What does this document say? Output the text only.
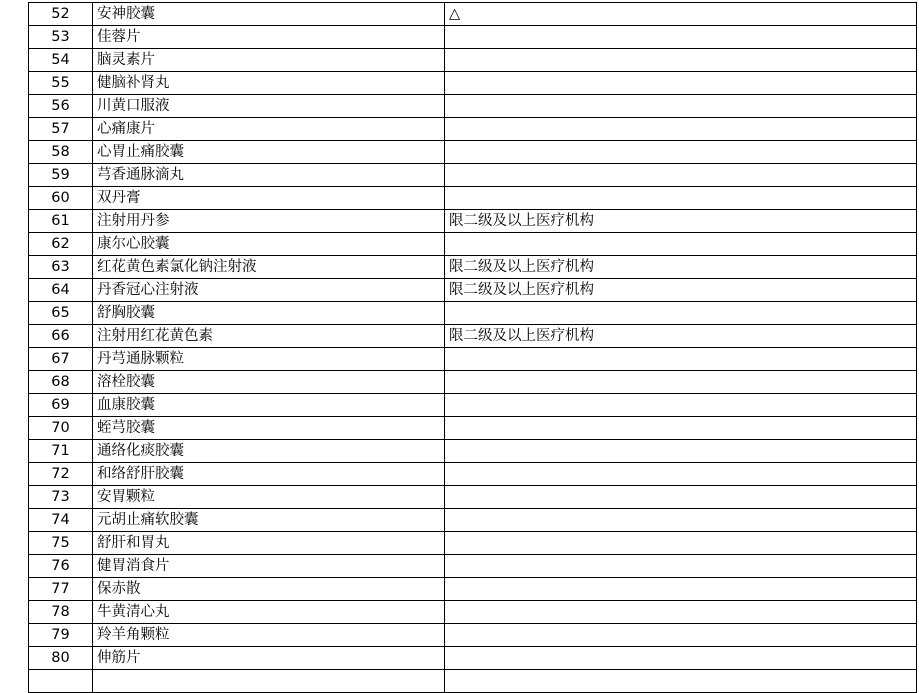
52	安神胶囊	△
53	佳蓉片	
54	脑灵素片	
55	健脑补肾丸	
56	川黄口服液	
57	心痛康片	
58	心胃止痛胶囊	
59	芎香通脉滴丸	
60	双丹膏	
61	注射用丹参	限二级及以上医疗机构
62	康尔心胶囊	
63	红花黄色素氯化钠注射液	限二级及以上医疗机构
64	丹香冠心注射液	限二级及以上医疗机构
65	舒胸胶囊	
66	注射用红花黄色素	限二级及以上医疗机构
67	丹芎通脉颗粒	
68	溶栓胶囊	
69	血康胶囊	
70	蛭芎胶囊	
71	通络化痰胶囊	
72	和络舒肝胶囊	
73	安胃颗粒	
74	元胡止痛软胶囊	
75	舒肝和胃丸	
76	健胃消食片	
77	保赤散	
78	牛黄清心丸	
79	羚羊角颗粒	
80	伸筋片	
